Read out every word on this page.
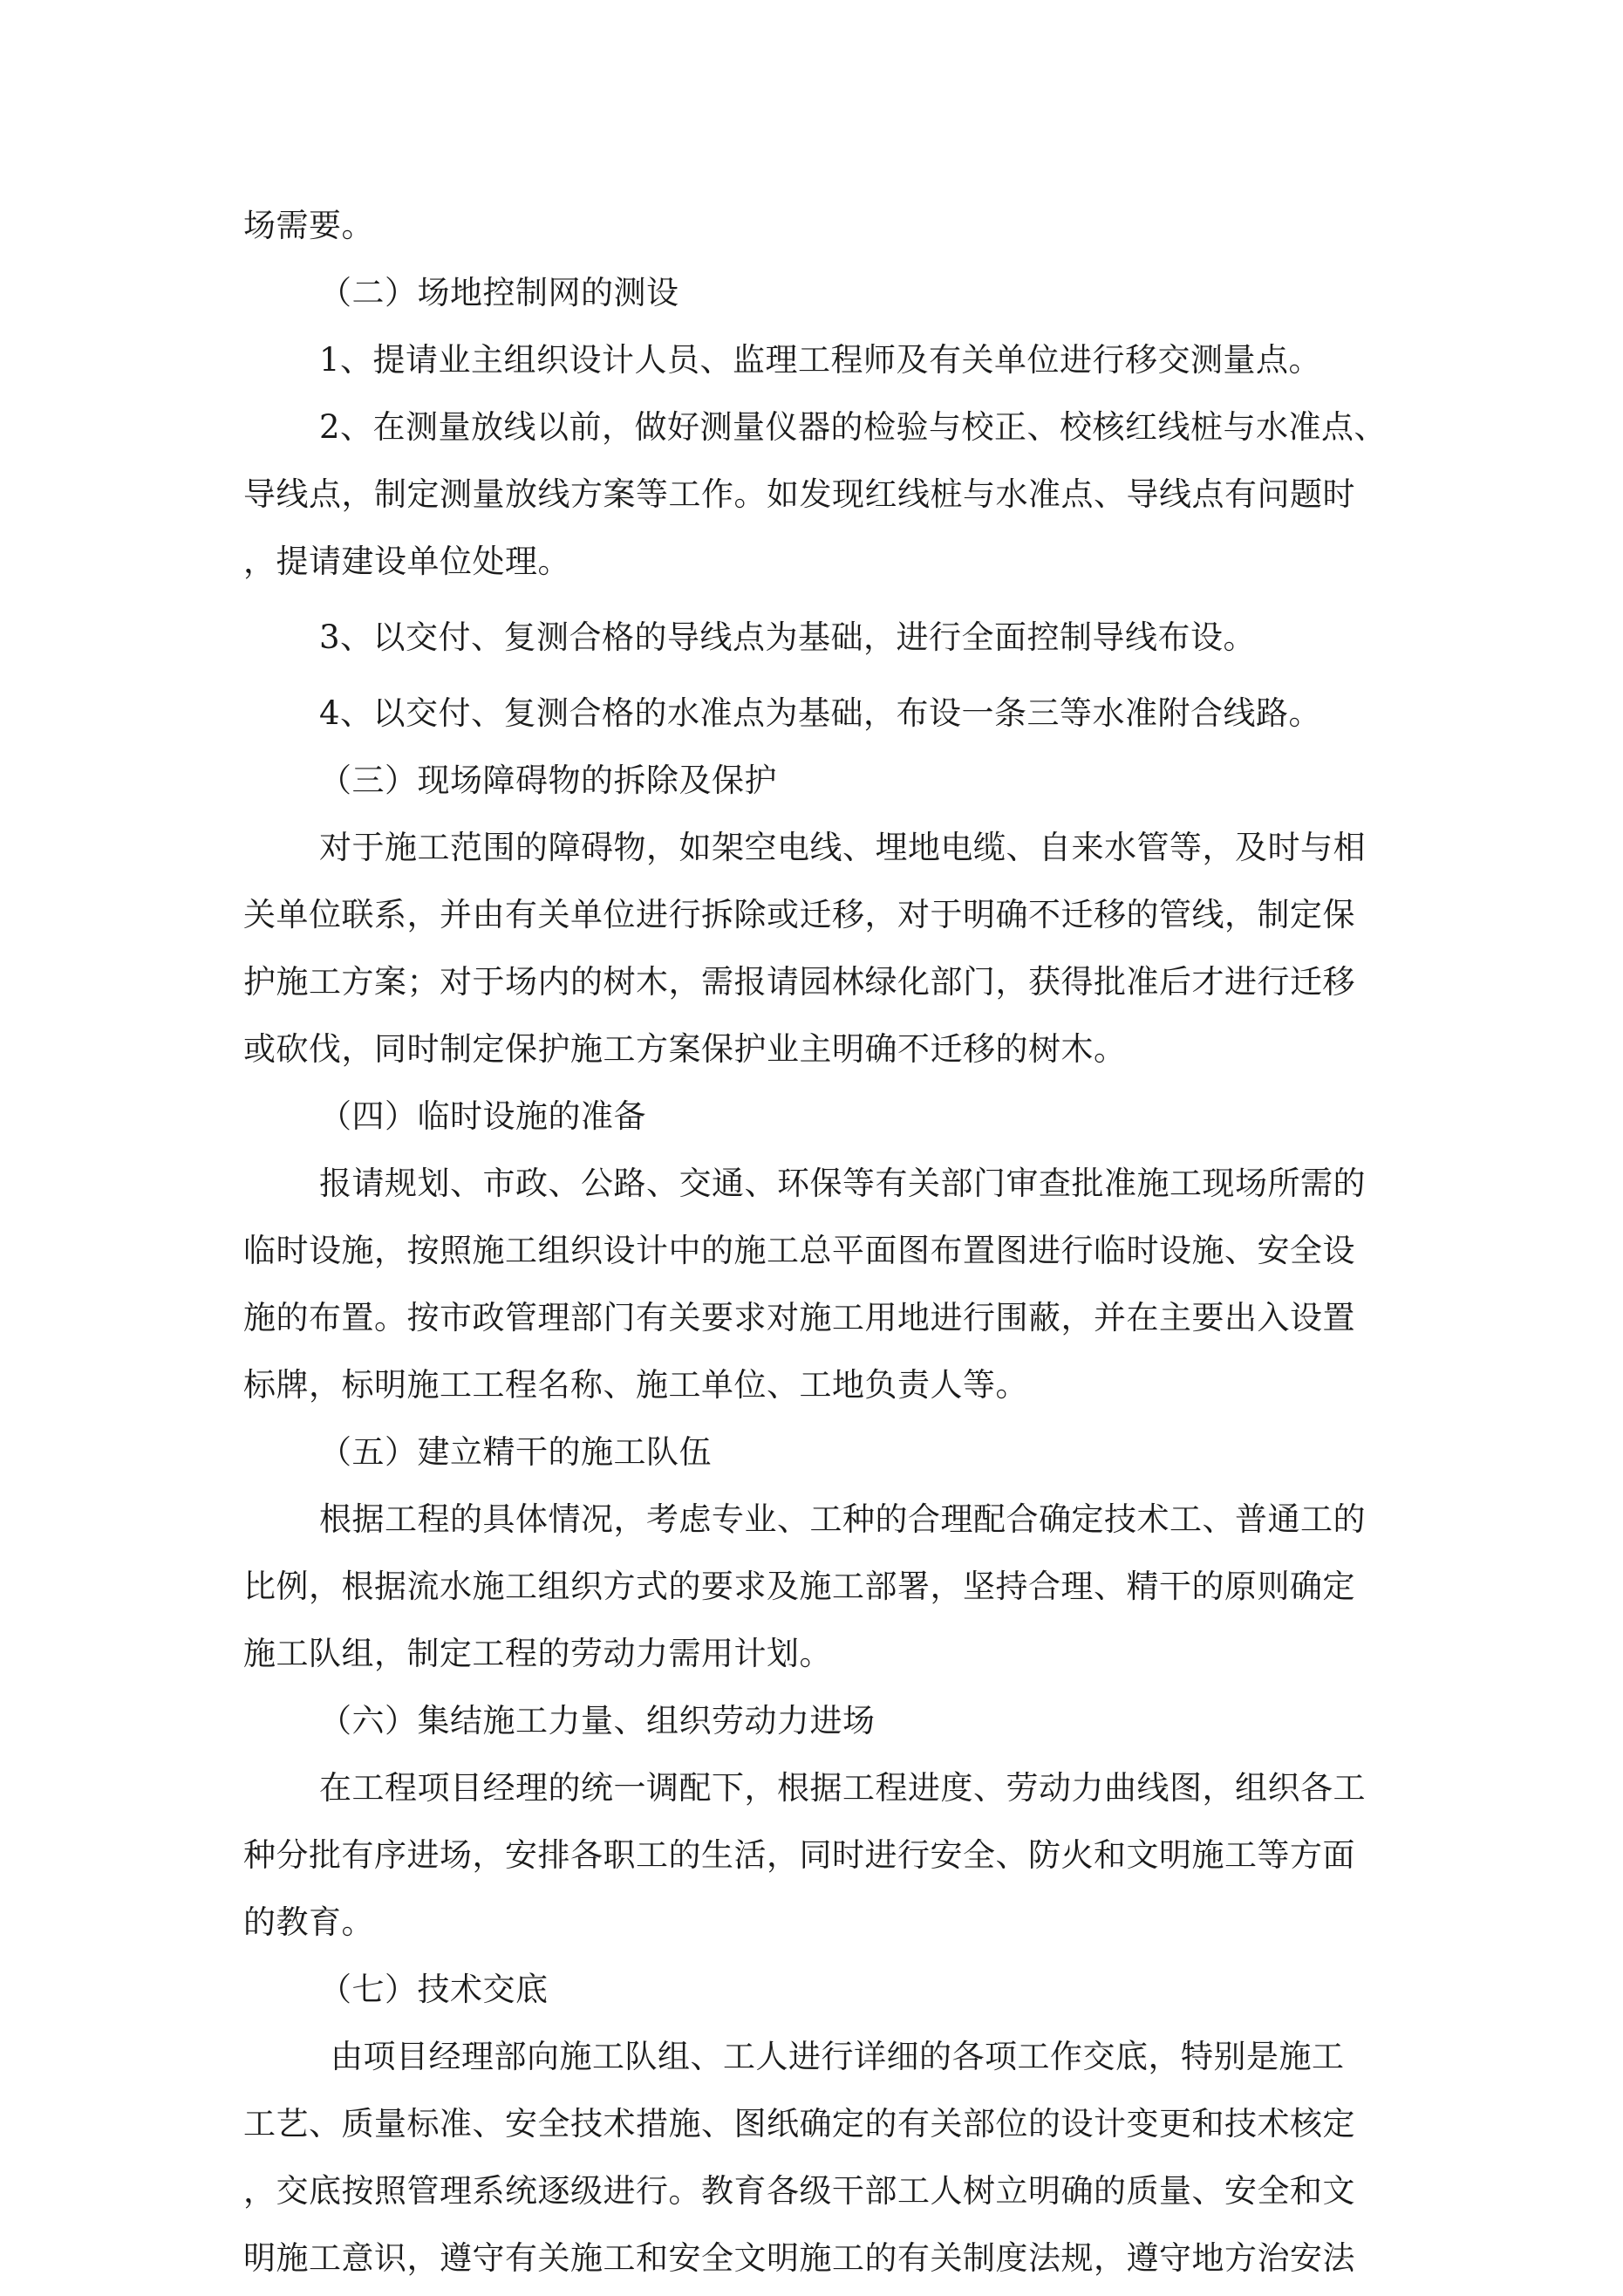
场需要。
（二）场地控制网的测设
1、提请业主组织设计人员、监理工程师及有关单位进行移交测量点。
2、在测量放线以前，做好测量仪器的检验与校正、校核红线桩与水准点、
导线点，制定测量放线方案等工作。如发现红线桩与水准点、导线点有问题时
，提请建设单位处理。
3、以交付、复测合格的导线点为基础，进行全面控制导线布设。
4、以交付、复测合格的水准点为基础，布设一条三等水准附合线路。
（三）现场障碍物的拆除及保护
对于施工范围的障碍物，如架空电线、埋地电缆、自来水管等，及时与相
关单位联系，并由有关单位进行拆除或迁移，对于明确不迁移的管线，制定保
护施工方案；对于场内的树木，需报请园林绿化部门，获得批准后才进行迁移
或砍伐，同时制定保护施工方案保护业主明确不迁移的树木。
（四）临时设施的准备
报请规划、市政、公路、交通、环保等有关部门审查批准施工现场所需的
临时设施，按照施工组织设计中的施工总平面图布置图进行临时设施、安全设
施的布置。按市政管理部门有关要求对施工用地进行围蔽，并在主要出入设置
标牌，标明施工工程名称、施工单位、工地负责人等。
（五）建立精干的施工队伍
根据工程的具体情况，考虑专业、工种的合理配合确定技术工、普通工的
比例，根据流水施工组织方式的要求及施工部署，坚持合理、精干的原则确定
施工队组，制定工程的劳动力需用计划。
（六）集结施工力量、组织劳动力进场
在工程项目经理的统一调配下，根据工程进度、劳动力曲线图，组织各工
种分批有序进场，安排各职工的生活，同时进行安全、防火和文明施工等方面
的教育。
（七）技术交底
由项目经理部向施工队组、工人进行详细的各项工作交底，特别是施工
工艺、质量标准、安全技术措施、图纸确定的有关部位的设计变更和技术核定
，交底按照管理系统逐级进行。教育各级干部工人树立明确的质量、安全和文
明施工意识，遵守有关施工和安全文明施工的有关制度法规，遵守地方治安法
